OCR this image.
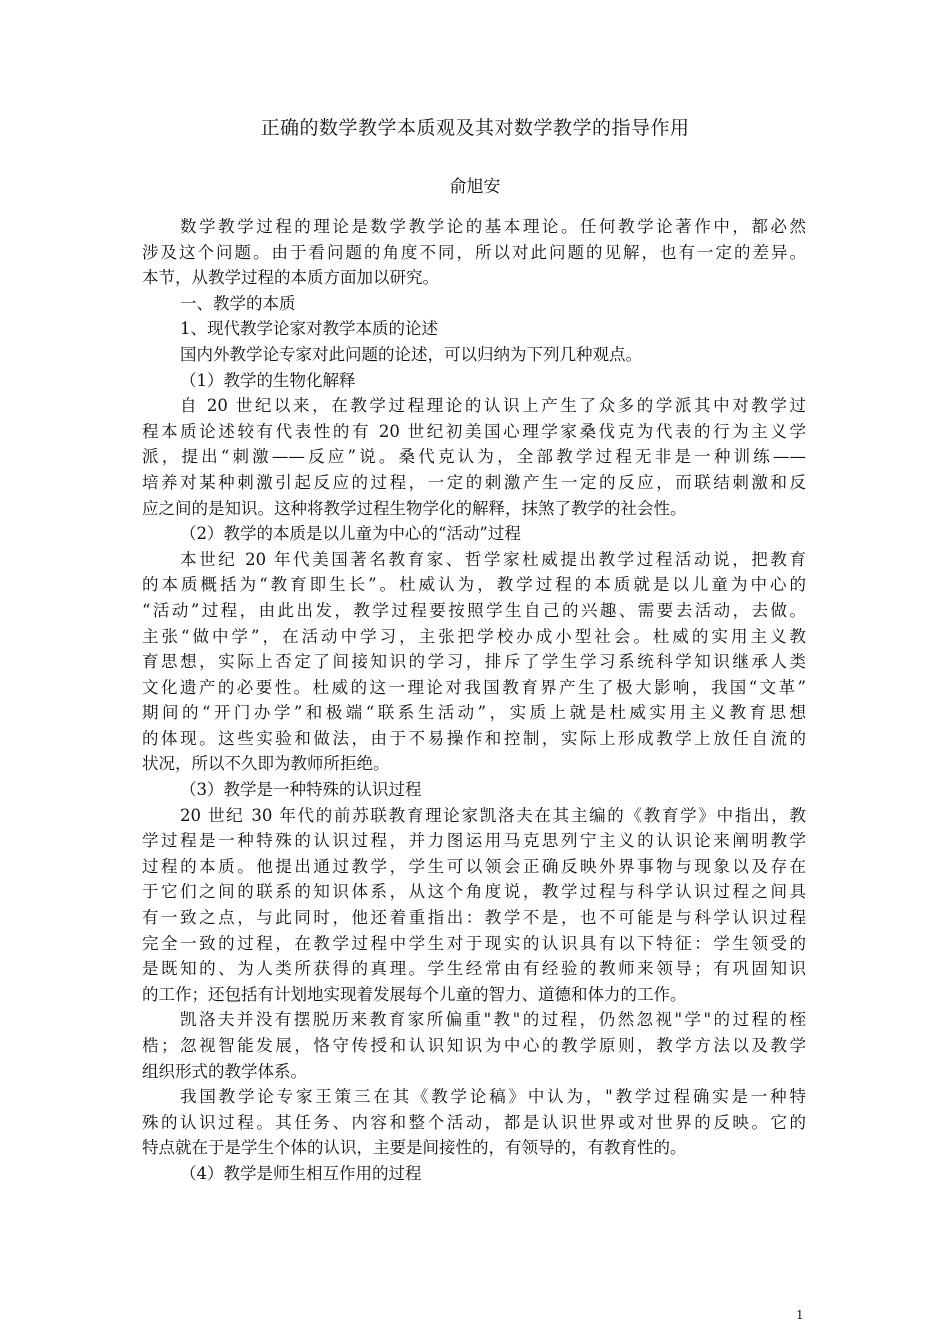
正确的数学教学本质观及其对数学教学的指导作用
俞旭安
数学教学过程的理论是数学教学论的基本理论。任何教学论著作中，都必然
涉及这个问题。由于看问题的角度不同，所以对此问题的见解，也有一定的差异。
本节，从教学过程的本质方面加以研究。
一、教学的本质
1、现代教学论家对教学本质的论述
国内外教学论专家对此问题的论述，可以归纳为下列几种观点。
（1）教学的生物化解释
自 20 世纪以来，在教学过程理论的认识上产生了众多的学派其中对教学过
程本质论述较有代表性的有 20 世纪初美国心理学家桑伐克为代表的行为主义学
派，提出“刺激——反应”说。桑代克认为，全部教学过程无非是一种训练——
培养对某种刺激引起反应的过程，一定的刺激产生一定的反应，而联结刺激和反
应之间的是知识。这种将教学过程生物学化的解释，抹煞了教学的社会性。
（2）教学的本质是以儿童为中心的“活动”过程
本世纪 20 年代美国著名教育家、哲学家杜威提出教学过程活动说，把教育
的本质概括为“教育即生长”。杜威认为，教学过程的本质就是以儿童为中心的
“活动”过程，由此出发，教学过程要按照学生自己的兴趣、需要去活动，去做。
主张“做中学”，在活动中学习，主张把学校办成小型社会。杜威的实用主义教
育思想，实际上否定了间接知识的学习，排斥了学生学习系统科学知识继承人类
文化遗产的必要性。杜威的这一理论对我国教育界产生了极大影响，我国“文革”
期间的“开门办学”和极端“联系生活动”，实质上就是杜威实用主义教育思想
的体现。这些实验和做法，由于不易操作和控制，实际上形成教学上放任自流的
状况，所以不久即为教师所拒绝。
（3）教学是一种特殊的认识过程
20 世纪 30 年代的前苏联教育理论家凯洛夫在其主编的《教育学》中指出，教
学过程是一种特殊的认识过程，并力图运用马克思列宁主义的认识论来阐明教学
过程的本质。他提出通过教学，学生可以领会正确反映外界事物与现象以及存在
于它们之间的联系的知识体系，从这个角度说，教学过程与科学认识过程之间具
有一致之点，与此同时，他还着重指出：教学不是，也不可能是与科学认识过程
完全一致的过程，在教学过程中学生对于现实的认识具有以下特征：学生领受的
是既知的、为人类所获得的真理。学生经常由有经验的教师来领导；有巩固知识
的工作；还包括有计划地实现着发展每个儿童的智力、道德和体力的工作。
凯洛夫并没有摆脱历来教育家所偏重"教"的过程，仍然忽视"学"的过程的桎
梏；忽视智能发展，恪守传授和认识知识为中心的教学原则，教学方法以及教学
组织形式的教学体系。
我国教学论专家王策三在其《教学论稿》中认为，"教学过程确实是一种特
殊的认识过程。其任务、内容和整个活动，都是认识世界或对世界的反映。它的
特点就在于是学生个体的认识，主要是间接性的，有领导的，有教育性的。
（4）教学是师生相互作用的过程
1
